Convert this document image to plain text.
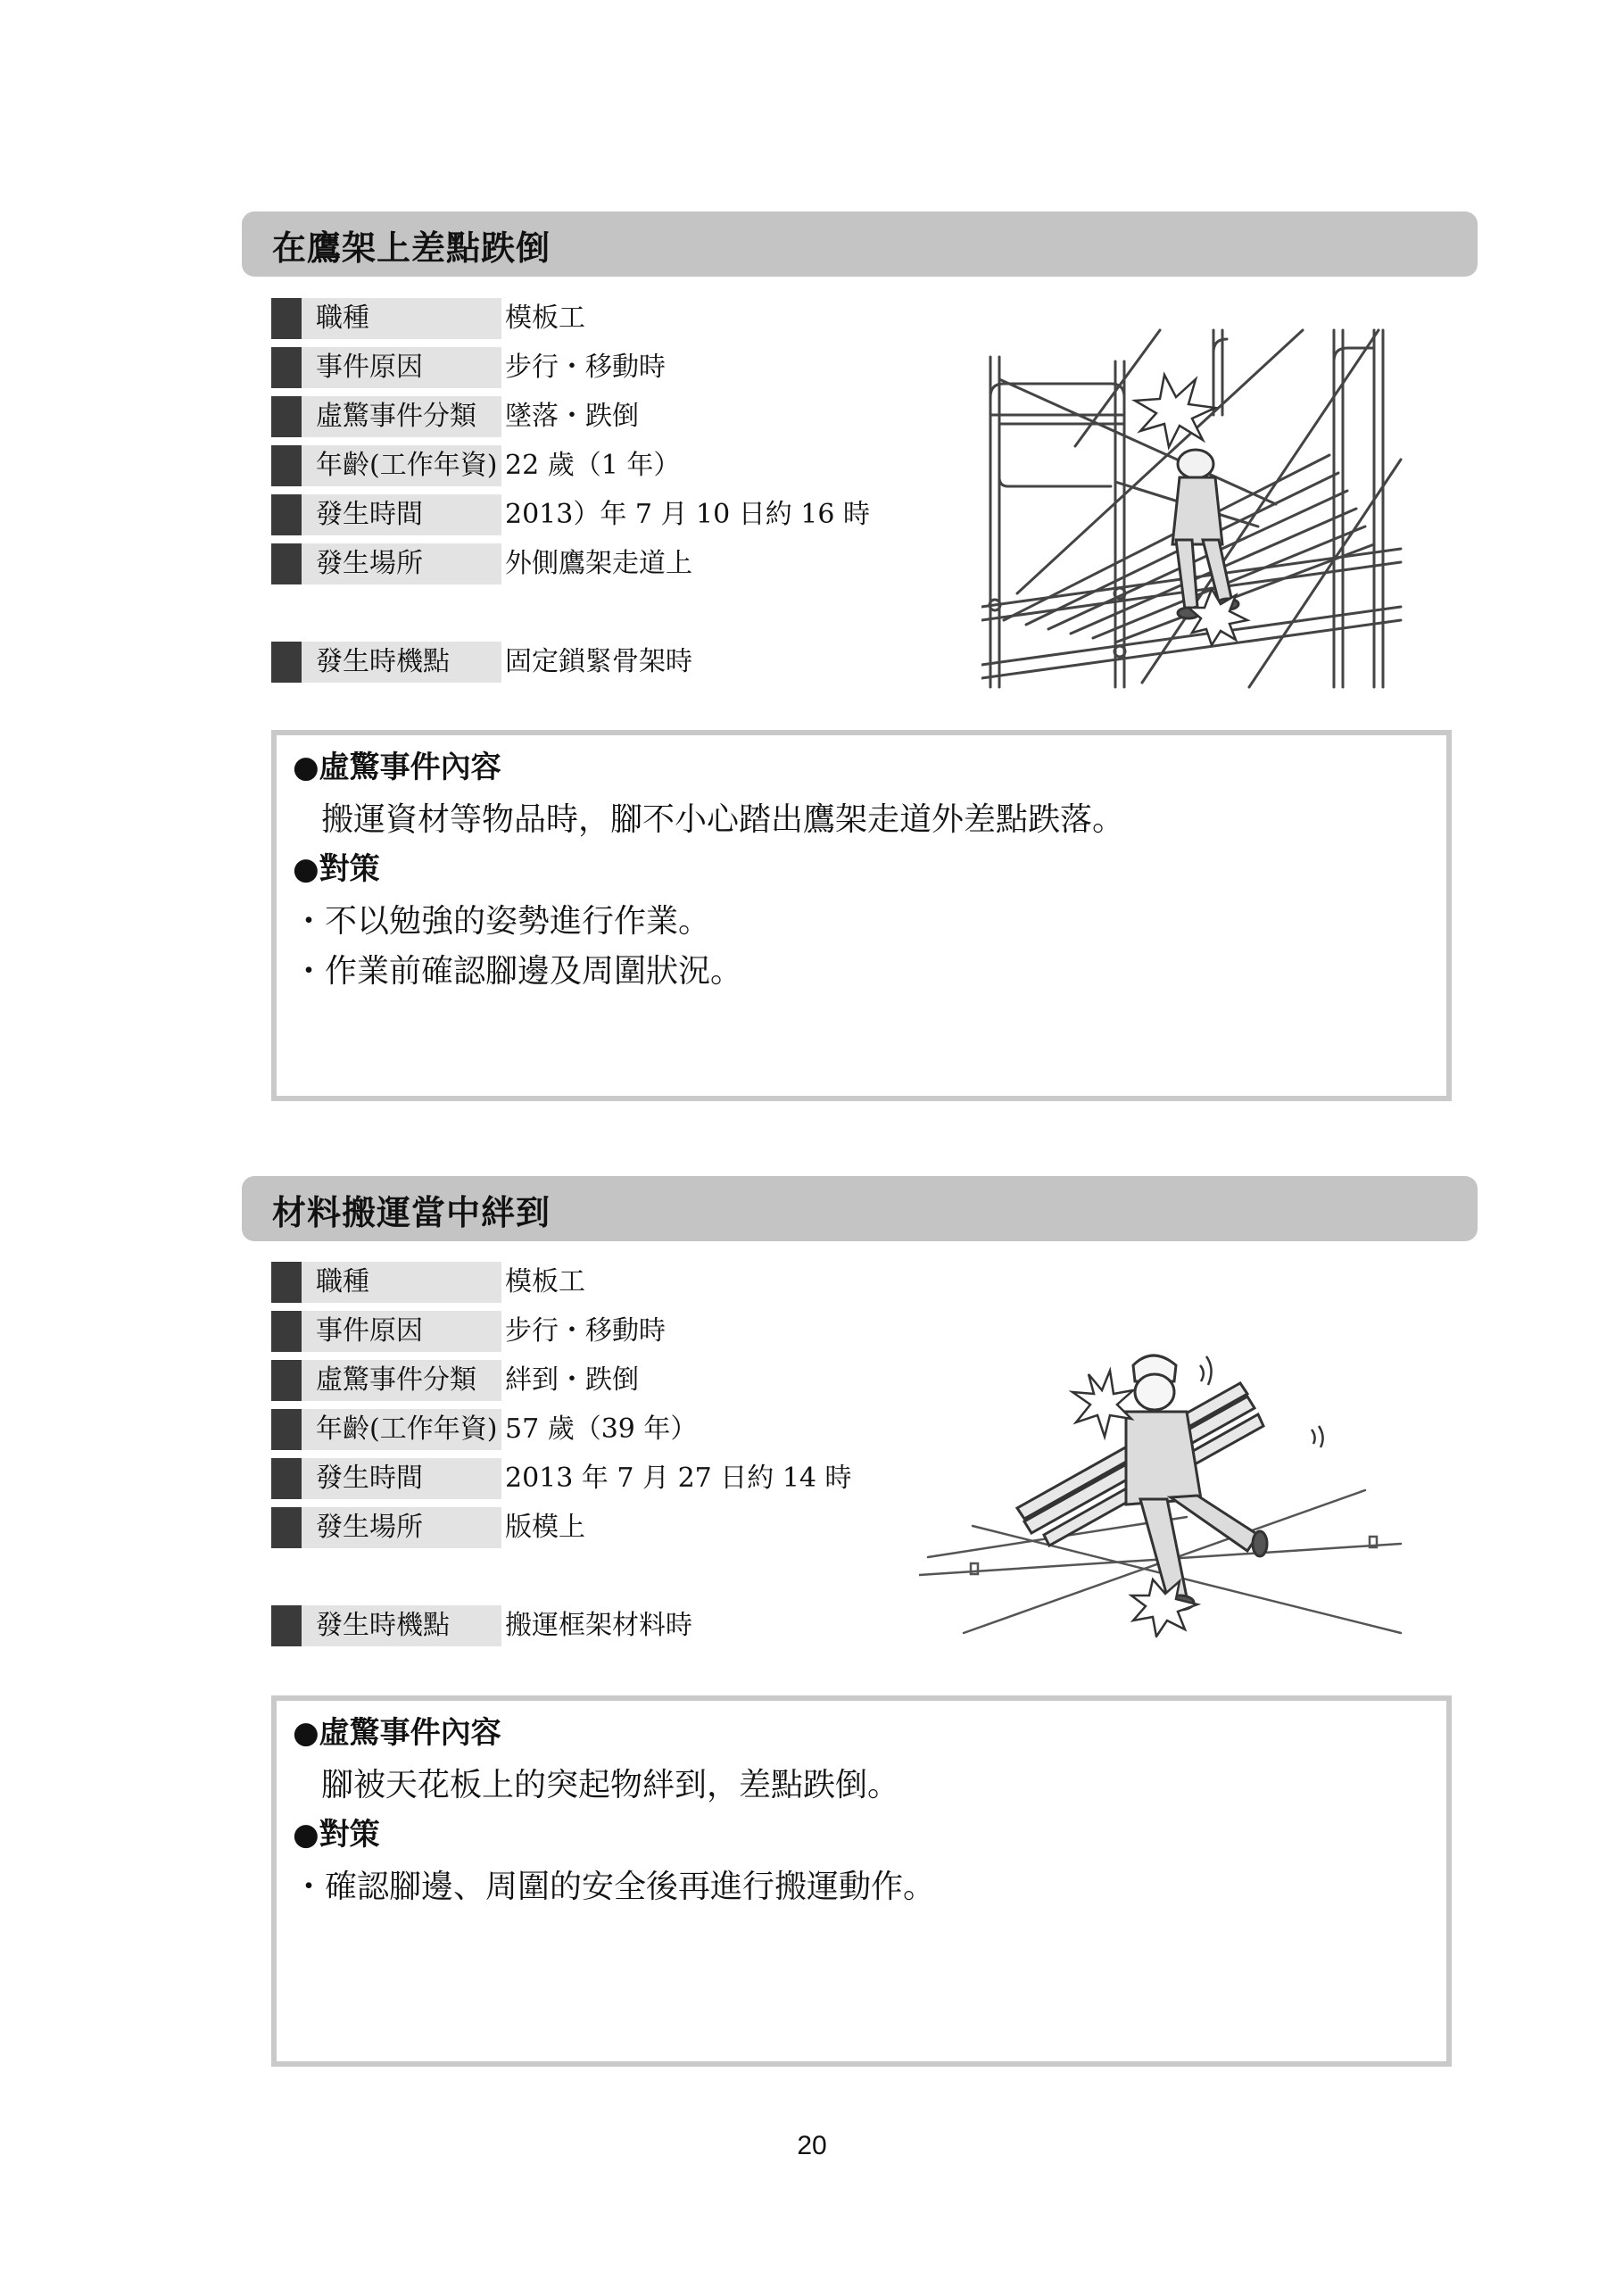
在鷹架上差點跌倒
職種	模板工
事件原因	步行・移動時
虛驚事件分類	墜落・跌倒
年齡(工作年資) 22 歲（1 年）
發生時間	2013）年 7 月 10 日約 16 時
發生場所	外側鷹架走道上
發生時機點	固定鎖緊骨架時
●虛驚事件內容
搬運資材等物品時，腳不小心踏出鷹架走道外差點跌落。
●對策
・不以勉強的姿勢進行作業。
・作業前確認腳邊及周圍狀況。
材料搬運當中絆到
職種	模板工
事件原因	步行・移動時
虛驚事件分類	絆到・跌倒
年齡(工作年資) 57 歲（39 年）
發生時間	2013 年 7 月 27 日約 14 時
發生場所	版模上
發生時機點	搬運框架材料時
●虛驚事件內容
腳被天花板上的突起物絆到，差點跌倒。
●對策
・確認腳邊、周圍的安全後再進行搬運動作。
20
